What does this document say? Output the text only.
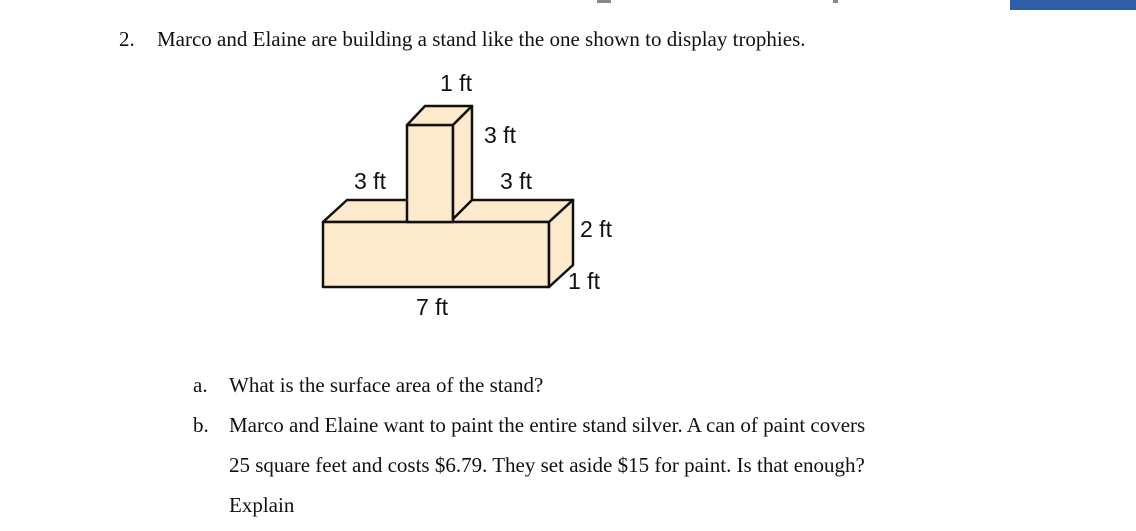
2. Marco and Elaine are building a stand like the one shown to display trophies.
1 ft
3 ft
3 ft
3 ft
2 ft
1 ft
7 ft
a. What is the surface area of the stand?
b. Marco and Elaine want to paint the entire stand silver. A can of paint covers
25 square feet and costs $6.79. They set aside $15 for paint. Is that enough?
Explain
